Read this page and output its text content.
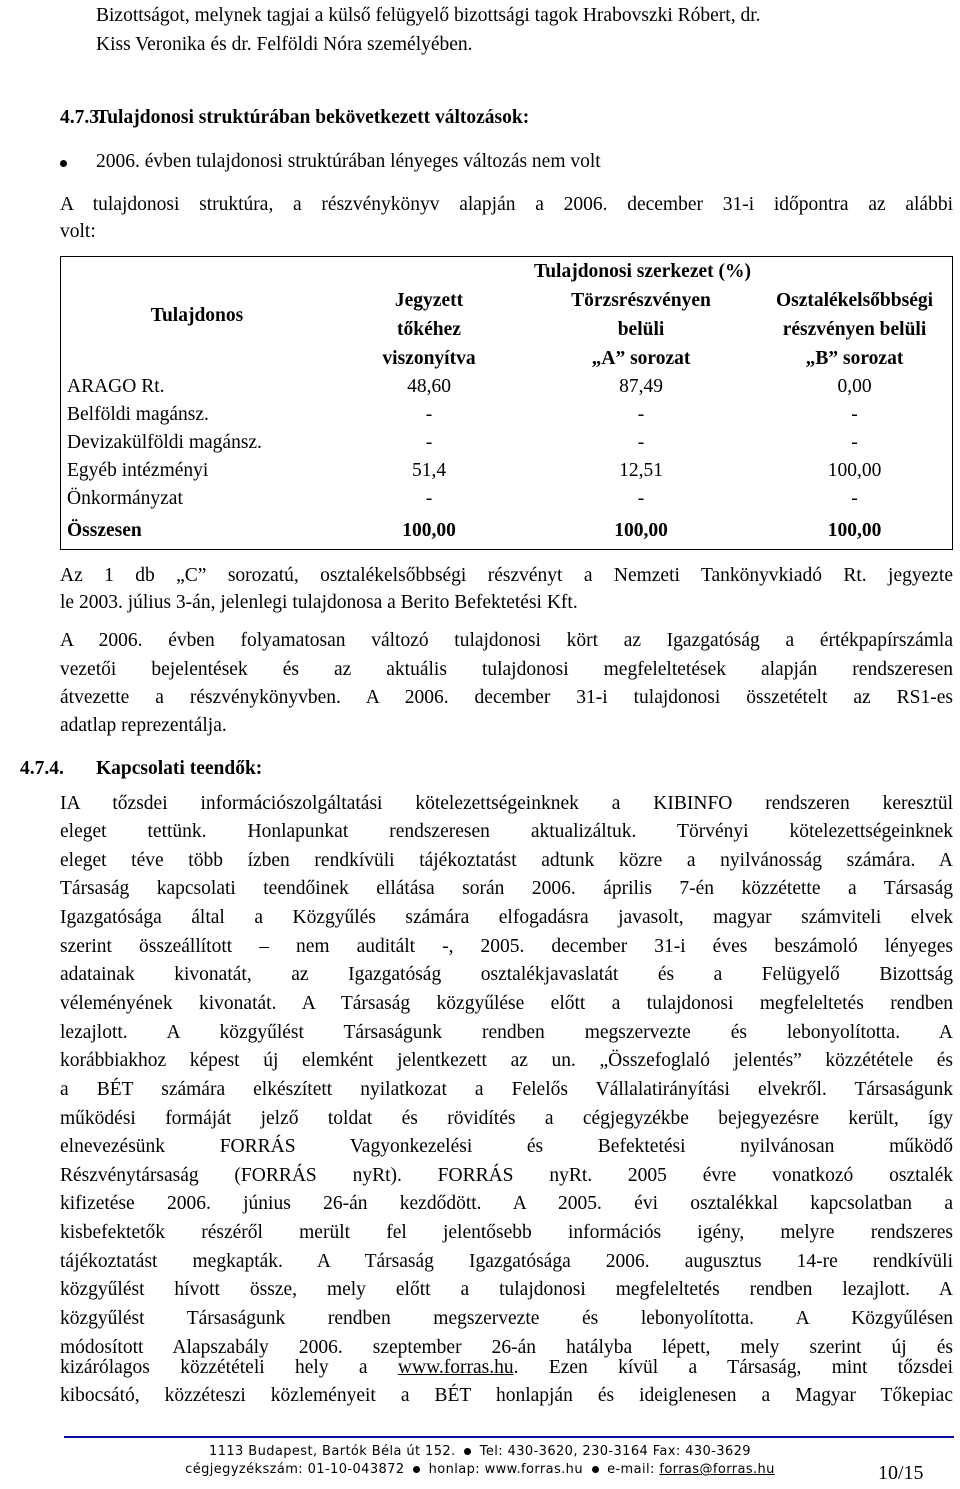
Bizottságot, melynek tagjai a külső felügyelő bizottsági tagok Hrabovszki Róbert, dr.
Kiss Veronika és dr. Felföldi Nóra személyében.
4.7.3.
Tulajdonosi struktúrában bekövetkezett változások:
2006. évben tulajdonosi struktúrában lényeges változás nem volt
A tulajdonosi struktúra, a részvénykönyv alapján a 2006. december 31-i időpontra az alábbi
volt:
Tulajdonos	Tulajdonosi szerkezet (%)		
	Jegyzett	Törzsrészvényen	Osztalékelsőbbségi
	tőkéhez	belüli	részvényen belüli
	viszonyítva	„A” sorozat	„B” sorozat
ARAGO Rt.	48,60	87,49	0,00
Belföldi magánsz.	-	-	-
Devizakülföldi magánsz.	-	-	-
Egyéb intézményi	51,4	12,51	100,00
Önkormányzat	-	-	-
Összesen	100,00	100,00	100,00
Az 1 db „C” sorozatú, osztalékelsőbbségi részvényt a Nemzeti Tankönyvkiadó Rt. jegyezte
le 2003. július 3-án, jelenlegi tulajdonosa a Berito Befektetési Kft.
A 2006. évben folyamatosan változó tulajdonosi kört az Igazgatóság a értékpapírszámla
vezetői bejelentések és az aktuális tulajdonosi megfeleltetések alapján rendszeresen
átvezette a részvénykönyvben. A 2006. december 31-i tulajdonosi összetételt az RS1-es
adatlap reprezentálja.
4.7.4. Kapcsolati teendők:
IA tőzsdei információszolgáltatási kötelezettségeinknek a KIBINFO rendszeren keresztül
eleget tettünk. Honlapunkat rendszeresen aktualizáltuk. Törvényi kötelezettségeinknek
eleget téve több ízben rendkívüli tájékoztatást adtunk közre a nyilvánosság számára. A
Társaság kapcsolati teendőinek ellátása során 2006. április 7-én közzétette a Társaság
Igazgatósága által a Közgyűlés számára elfogadásra javasolt, magyar számviteli elvek
szerint összeállított – nem auditált -, 2005. december 31-i éves beszámoló lényeges
adatainak kivonatát, az Igazgatóság osztalékjavaslatát és a Felügyelő Bizottság
véleményének kivonatát. A Társaság közgyűlése előtt a tulajdonosi megfeleltetés rendben
lezajlott. A közgyűlést Társaságunk rendben megszervezte és lebonyolította. A
korábbiakhoz képest új elemként jelentkezett az un. „Összefoglaló jelentés” közzététele és
a BÉT számára elkészített nyilatkozat a Felelős Vállalatirányítási elvekről. Társaságunk
működési formáját jelző toldat és rövidítés a cégjegyzékbe bejegyezésre került, így
elnevezésünk FORRÁS Vagyonkezelési és Befektetési nyilvánosan működő
Részvénytársaság (FORRÁS nyRt). FORRÁS nyRt. 2005 évre vonatkozó osztalék
kifizetése 2006. június 26-án kezdődött. A 2005. évi osztalékkal kapcsolatban a
kisbefektetők részéről merült fel jelentősebb információs igény, melyre rendszeres
tájékoztatást megkapták. A Társaság Igazgatósága 2006. augusztus 14-re rendkívüli
közgyűlést hívott össze, mely előtt a tulajdonosi megfeleltetés rendben lezajlott. A
közgyűlést Társaságunk rendben megszervezte és lebonyolította. A Közgyűlésen
módosított Alapszabály 2006. szeptember 26-án hatályba lépett, mely szerint új és
kizárólagos közzétételi hely a www.forras.hu. Ezen kívül a Társaság, mint tőzsdei
kibocsátó, közzéteszi közleményeit a BÉT honlapján és ideiglenesen a Magyar Tőkepiac
1113 Budapest, Bartók Béla út 152. Tel: 430-3620, 230-3164 Fax: 430-3629
cégjegyzékszám: 01-10-043872 honlap: www.forras.hu e-mail: forras@forras.hu	10/15
